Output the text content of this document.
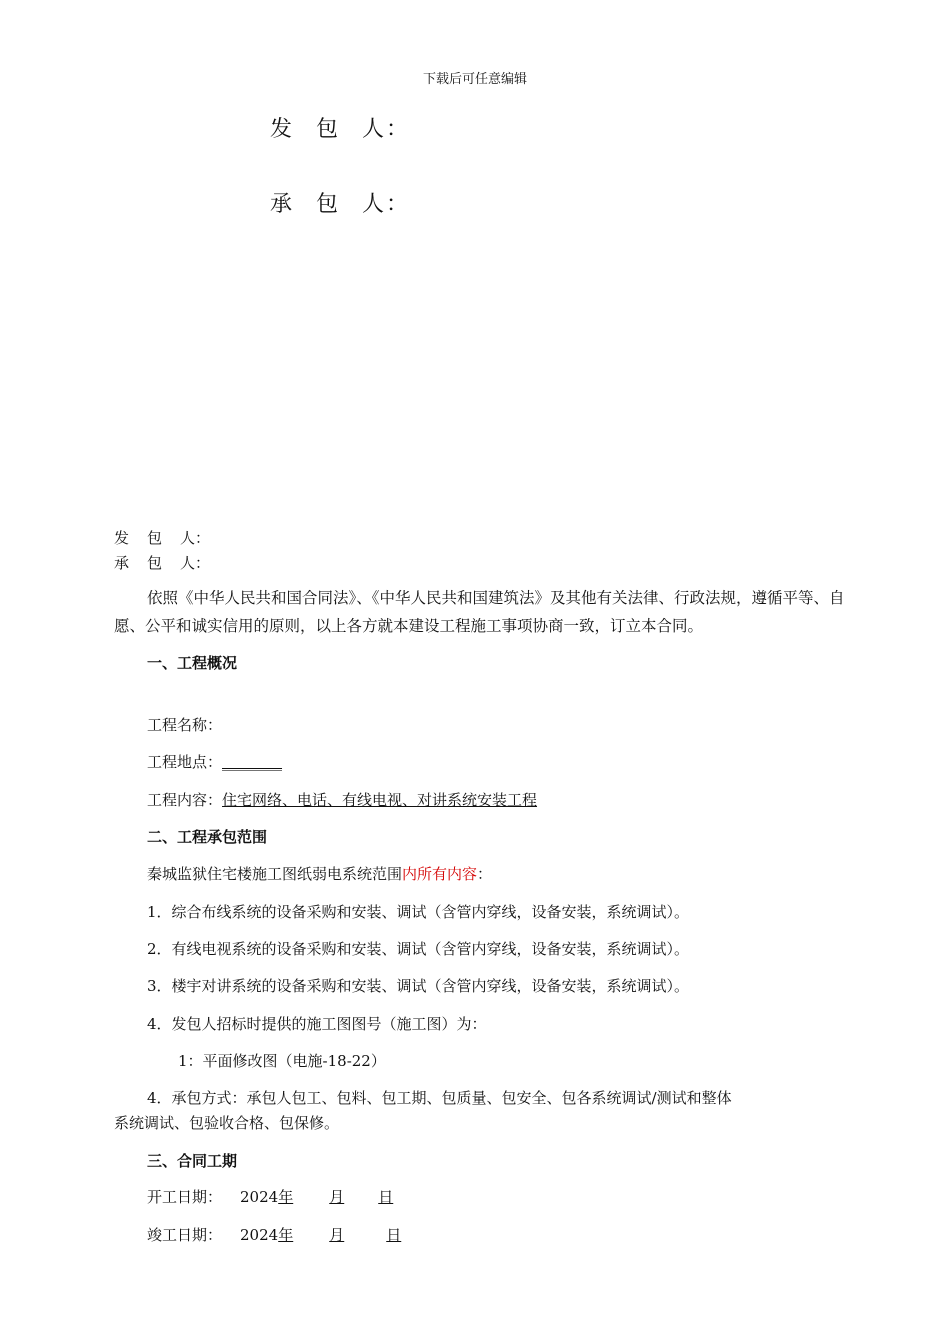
下载后可任意编辑
发 包 人：
承 包 人：
发 包 人：
承 包 人：
依照《中华人民共和国合同法》、《中华人民共和国建筑法》及其他有关法律、行政法规，遵循平等、自愿、公平和诚实信用的原则，以上各方就本建设工程施工事项协商一致，订立本合同。
一、工程概况
工程名称：
工程地点：________
工程内容：住宅网络、电话、有线电视、对讲系统安装工程
二、工程承包范围
秦城监狱住宅楼施工图纸弱电系统范围内所有内容：
1．综合布线系统的设备采购和安装、调试（含管内穿线，设备安装，系统调试）。
2．有线电视系统的设备采购和安装、调试（含管内穿线，设备安装，系统调试）。
3．楼宇对讲系统的设备采购和安装、调试（含管内穿线，设备安装，系统调试）。
4．发包人招标时提供的施工图图号（施工图）为：
1：平面修改图（电施-18-22）
4．承包方式：承包人包工、包料、包工期、包质量、包安全、包各系统调试/测试和整体
系统调试、包验收合格、包保修。
三、合同工期
开工日期： 2024年 月 日
竣工日期： 2024年 月	日
